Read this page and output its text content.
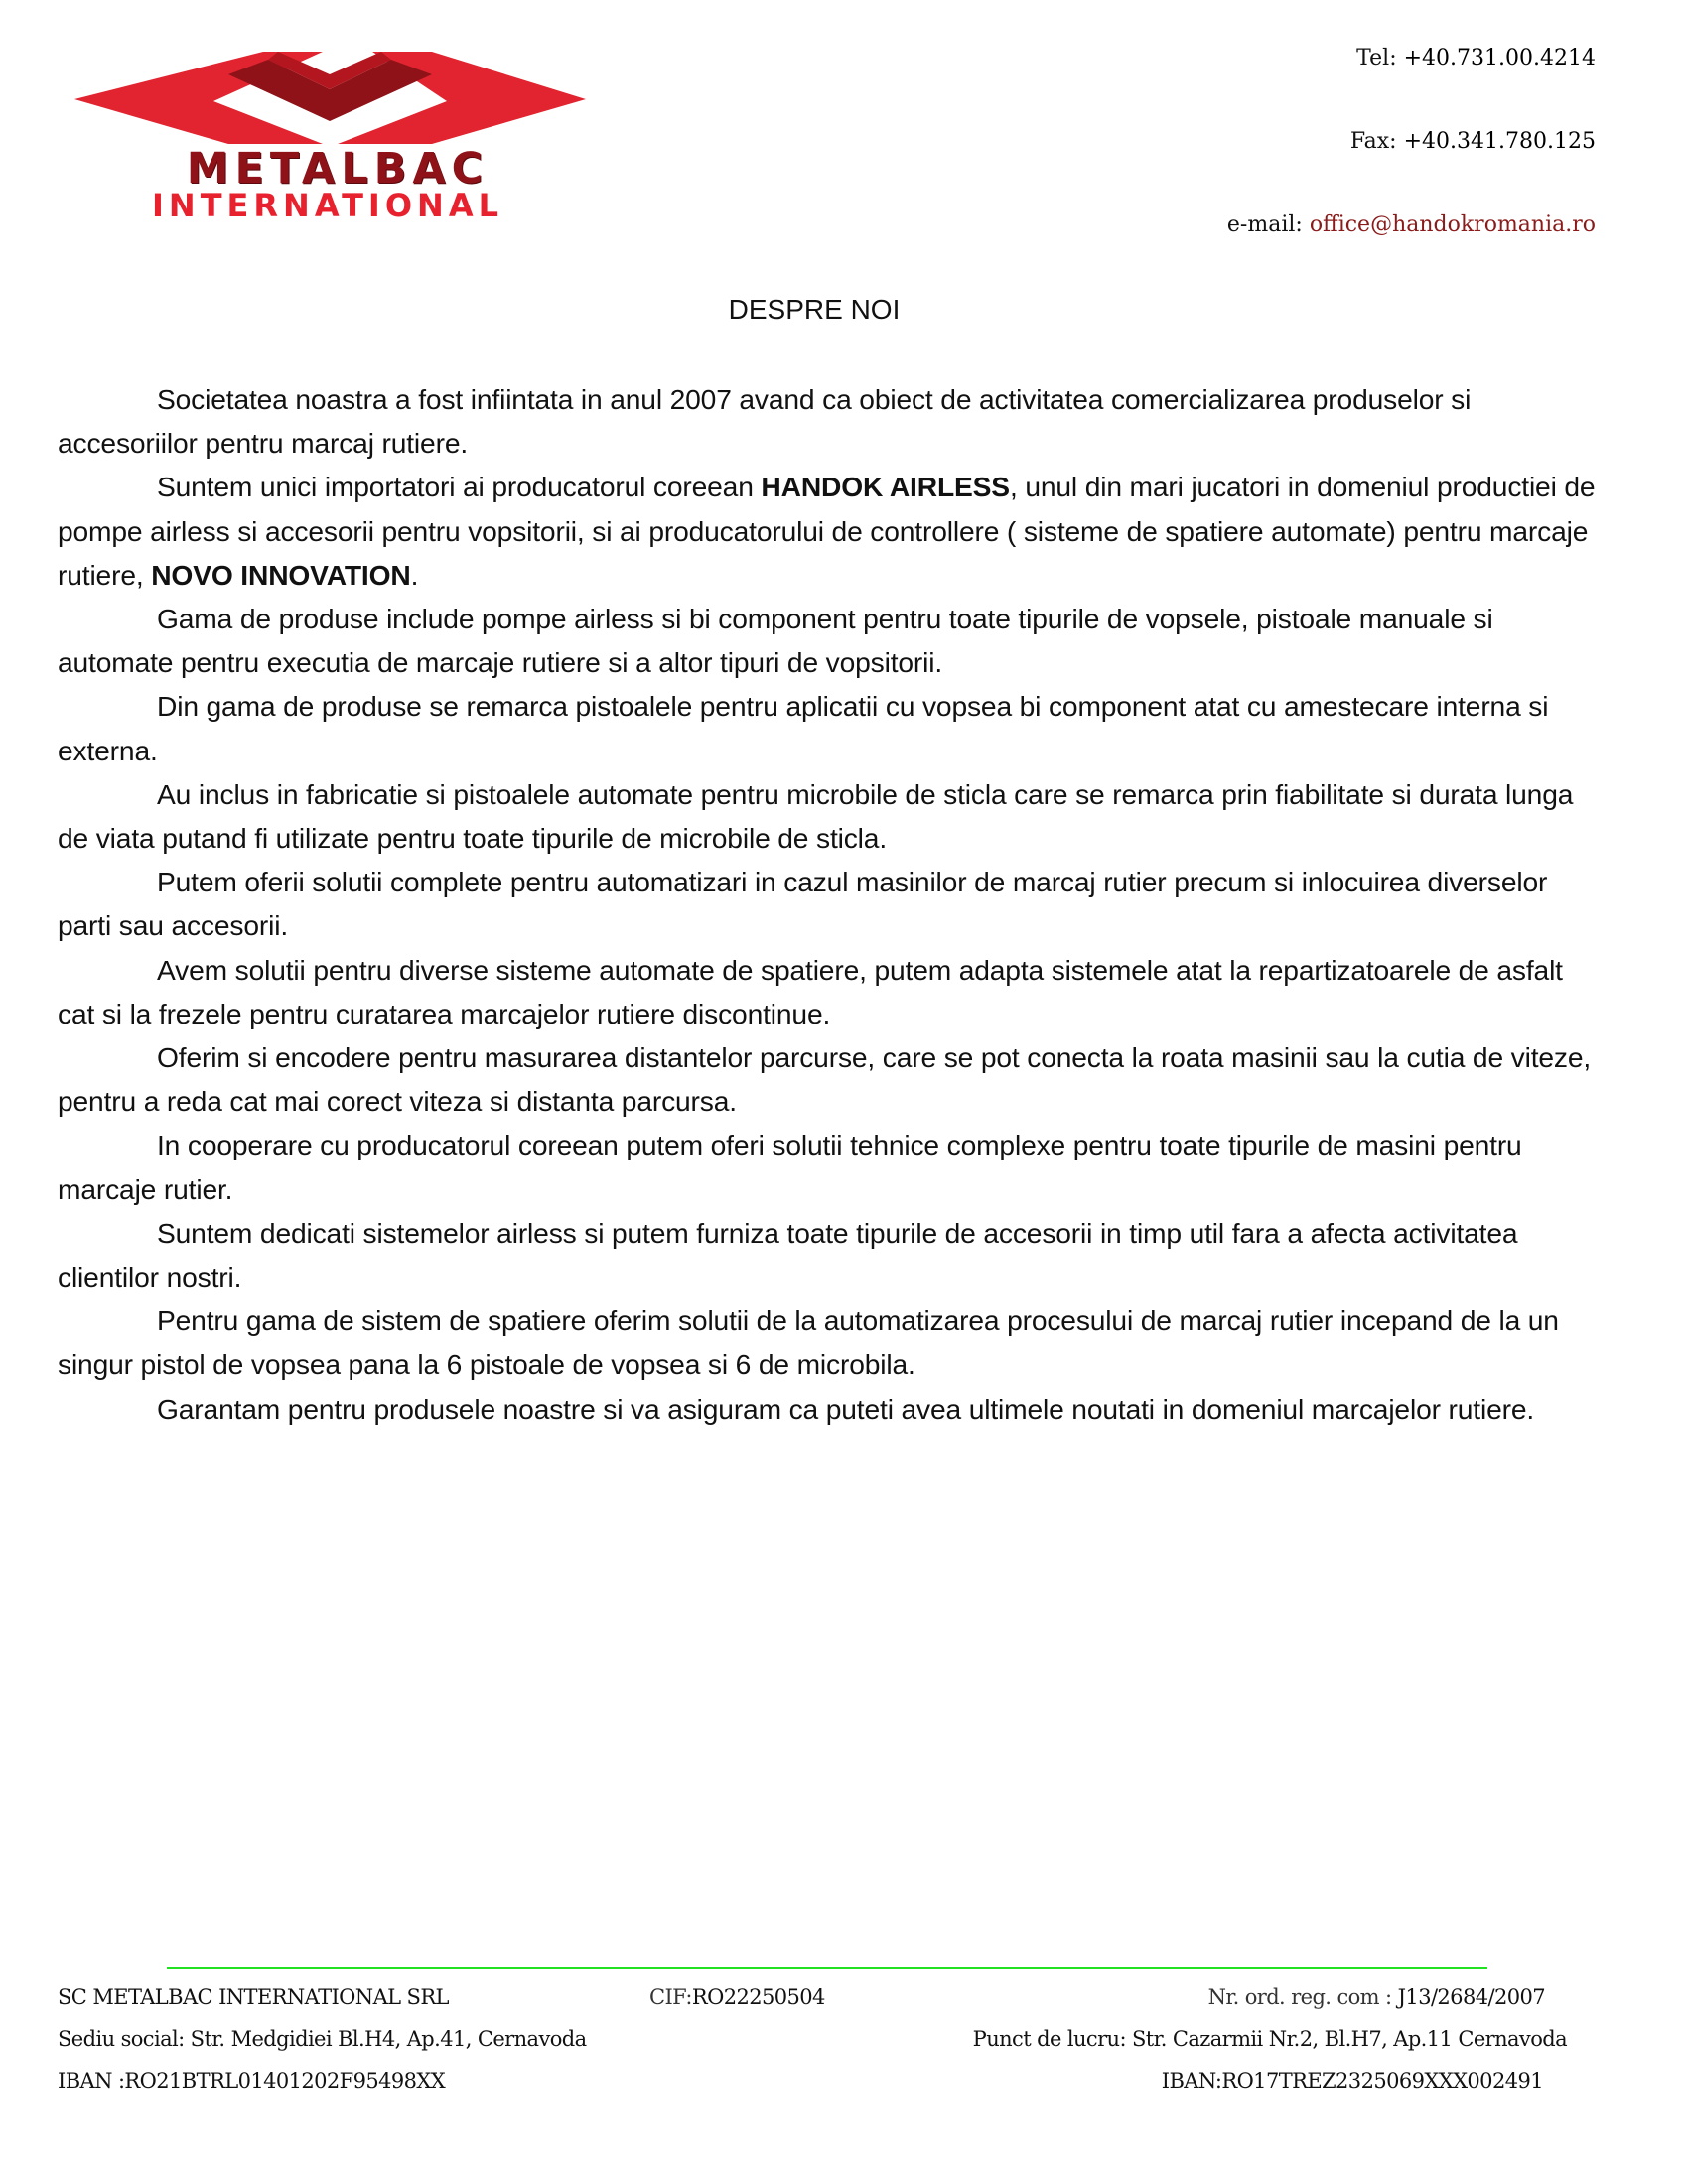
METALBAC
INTERNATIONAL
Tel: +40.731.00.4214
Fax: +40.341.780.125
e-mail: office@handokromania.ro
DESPRE NOI

Societatea noastra a fost infiintata in anul 2007 avand ca obiect de activitatea comercializarea produselor si accesoriilor pentru marcaj rutiere.

Suntem unici importatori ai producatorul coreean HANDOK AIRLESS, unul din mari jucatori in domeniul productiei de pompe airless si accesorii pentru vopsitorii, si ai producatorului de controllere ( sisteme de spatiere automate) pentru marcaje rutiere, NOVO INNOVATION.

Gama de produse include pompe airless si bi component pentru toate tipurile de vopsele, pistoale manuale si automate pentru executia de marcaje rutiere si a altor tipuri de vopsitorii.

Din gama de produse se remarca pistoalele pentru aplicatii cu vopsea bi component atat cu amestecare interna si externa.

Au inclus in fabricatie si pistoalele automate pentru microbile de sticla care se remarca prin fiabilitate si durata lunga de viata putand fi utilizate pentru toate tipurile de microbile de sticla.

Putem oferii solutii complete pentru automatizari in cazul masinilor de marcaj rutier precum si inlocuirea diverselor parti sau accesorii.

Avem solutii pentru diverse sisteme automate de spatiere, putem adapta sistemele atat la repartizatoarele de asfalt cat si la frezele pentru curatarea marcajelor rutiere discontinue.

Oferim si encodere pentru masurarea distantelor parcurse, care se pot conecta la roata masinii sau la cutia de viteze, pentru a reda cat mai corect viteza si distanta parcursa.

In cooperare cu producatorul coreean putem oferi solutii tehnice complexe pentru toate tipurile de masini pentru marcaje rutier.

Suntem dedicati sistemelor airless si putem furniza toate tipurile de accesorii in timp util fara a afecta activitatea clientilor nostri.

Pentru gama de sistem de spatiere oferim solutii de la automatizarea procesului de marcaj rutier incepand de la un singur pistol de vopsea pana la 6 pistoale de vopsea si 6 de microbila.

Garantam pentru produsele noastre si va asiguram ca puteti avea ultimele noutati in domeniul marcajelor rutiere.

SC METALBAC INTERNATIONAL SRL	CIF:RO22250504	Nr. ord. reg. com : J13/2684/2007
Sediu social: Str. Medgidiei Bl.H4, Ap.41, Cernavoda	Punct de lucru: Str. Cazarmii Nr.2, Bl.H7, Ap.11 Cernavoda
IBAN :RO21BTRL01401202F95498XX	IBAN:RO17TREZ2325069XXX002491
